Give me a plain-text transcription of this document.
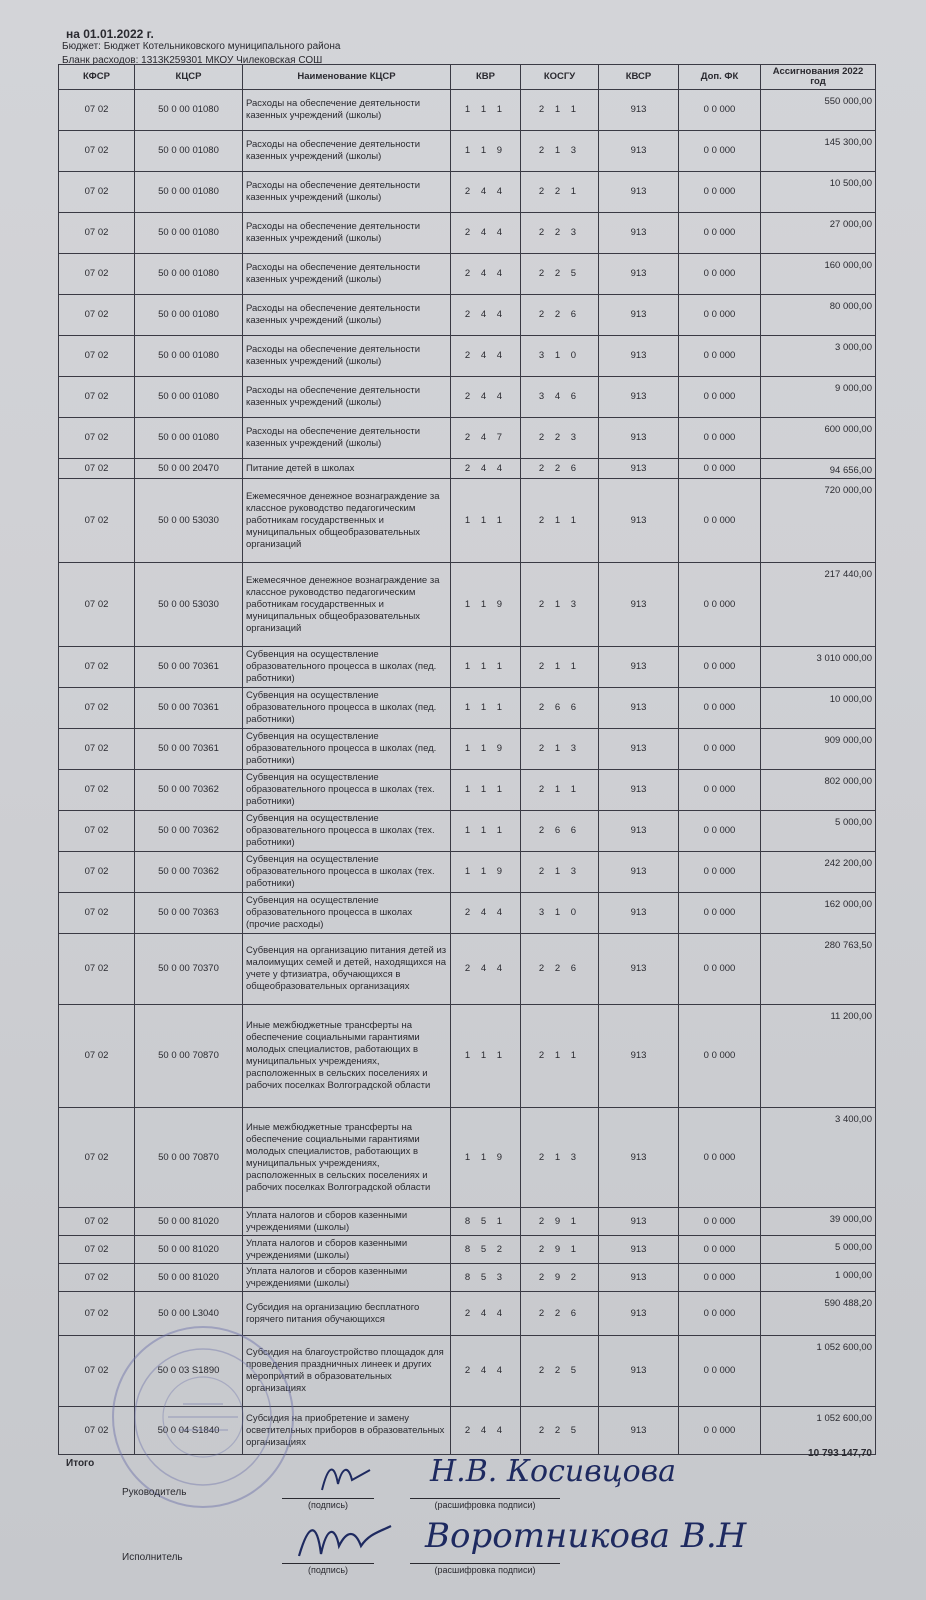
на 01.01.2022 г.
Бюджет: Бюджет Котельниковского муниципального района
Бланк расходов: 1313К259301 МКОУ Чилековская СОШ
КФСР	КЦСР	Наименование КЦСР	КВР	КОСГУ	КВСР	Доп. ФК	Ассигнования 2022 год
07 02	50 0 00 01080	Расходы на обеспечение деятельности казенных учреждений (школы)	1 1 1	2 1 1	913	0 0 000	550 000,00
07 02	50 0 00 01080	Расходы на обеспечение деятельности казенных учреждений (школы)	1 1 9	2 1 3	913	0 0 000	145 300,00
07 02	50 0 00 01080	Расходы на обеспечение деятельности казенных учреждений (школы)	2 4 4	2 2 1	913	0 0 000	10 500,00
07 02	50 0 00 01080	Расходы на обеспечение деятельности казенных учреждений (школы)	2 4 4	2 2 3	913	0 0 000	27 000,00
07 02	50 0 00 01080	Расходы на обеспечение деятельности казенных учреждений (школы)	2 4 4	2 2 5	913	0 0 000	160 000,00
07 02	50 0 00 01080	Расходы на обеспечение деятельности казенных учреждений (школы)	2 4 4	2 2 6	913	0 0 000	80 000,00
07 02	50 0 00 01080	Расходы на обеспечение деятельности казенных учреждений (школы)	2 4 4	3 1 0	913	0 0 000	3 000,00
07 02	50 0 00 01080	Расходы на обеспечение деятельности казенных учреждений (школы)	2 4 4	3 4 6	913	0 0 000	9 000,00
07 02	50 0 00 01080	Расходы на обеспечение деятельности казенных учреждений (школы)	2 4 7	2 2 3	913	0 0 000	600 000,00
07 02	50 0 00 20470	Питание детей в школах	2 4 4	2 2 6	913	0 0 000	94 656,00
07 02	50 0 00 53030	Ежемесячное денежное вознаграждение за классное руководство педагогическим работникам государственных и муниципальных общеобразовательных организаций	1 1 1	2 1 1	913	0 0 000	720 000,00
07 02	50 0 00 53030	Ежемесячное денежное вознаграждение за классное руководство педагогическим работникам государственных и муниципальных общеобразовательных организаций	1 1 9	2 1 3	913	0 0 000	217 440,00
07 02	50 0 00 70361	Субвенция на осуществление образовательного процесса в школах (пед. работники)	1 1 1	2 1 1	913	0 0 000	3 010 000,00
07 02	50 0 00 70361	Субвенция на осуществление образовательного процесса в школах (пед. работники)	1 1 1	2 6 6	913	0 0 000	10 000,00
07 02	50 0 00 70361	Субвенция на осуществление образовательного процесса в школах (пед. работники)	1 1 9	2 1 3	913	0 0 000	909 000,00
07 02	50 0 00 70362	Субвенция на осуществление образовательного процесса в школах (тех. работники)	1 1 1	2 1 1	913	0 0 000	802 000,00
07 02	50 0 00 70362	Субвенция на осуществление образовательного процесса в школах (тех. работники)	1 1 1	2 6 6	913	0 0 000	5 000,00
07 02	50 0 00 70362	Субвенция на осуществление образовательного процесса в школах (тех. работники)	1 1 9	2 1 3	913	0 0 000	242 200,00
07 02	50 0 00 70363	Субвенция на осуществление образовательного процесса в школах (прочие расходы)	2 4 4	3 1 0	913	0 0 000	162 000,00
07 02	50 0 00 70370	Субвенция на организацию питания детей из малоимущих семей и детей, находящихся на учете у фтизиатра, обучающихся в общеобразовательных организациях	2 4 4	2 2 6	913	0 0 000	280 763,50
07 02	50 0 00 70870	Иные межбюджетные трансферты на обеспечение социальными гарантиями молодых специалистов, работающих в муниципальных учреждениях, расположенных в сельских поселениях и рабочих поселках Волгоградской области	1 1 1	2 1 1	913	0 0 000	11 200,00
07 02	50 0 00 70870	Иные межбюджетные трансферты на обеспечение социальными гарантиями молодых специалистов, работающих в муниципальных учреждениях, расположенных в сельских поселениях и рабочих поселках Волгоградской области	1 1 9	2 1 3	913	0 0 000	3 400,00
07 02	50 0 00 81020	Уплата налогов и сборов казенными учреждениями (школы)	8 5 1	2 9 1	913	0 0 000	39 000,00
07 02	50 0 00 81020	Уплата налогов и сборов казенными учреждениями (школы)	8 5 2	2 9 1	913	0 0 000	5 000,00
07 02	50 0 00 81020	Уплата налогов и сборов казенными учреждениями (школы)	8 5 3	2 9 2	913	0 0 000	1 000,00
07 02	50 0 00 L3040	Субсидия на организацию бесплатного горячего питания обучающихся	2 4 4	2 2 6	913	0 0 000	590 488,20
07 02	50 0 03 S1890	Субсидия на благоустройство площадок для проведения праздничных линеек и других мероприятий в образовательных организациях	2 4 4	2 2 5	913	0 0 000	1 052 600,00
07 02	50 0 04 S1840	Субсидия на приобретение и замену осветительных приборов в образовательных организациях	2 4 4	2 2 5	913	0 0 000	1 052 600,00
Итого
10 793 147,70
Руководитель
(подпись)	(расшифровка подписи)
Н.В. Косивцова
Исполнитель
(подпись)	(расшифровка подписи)
Воротникова В.Н
